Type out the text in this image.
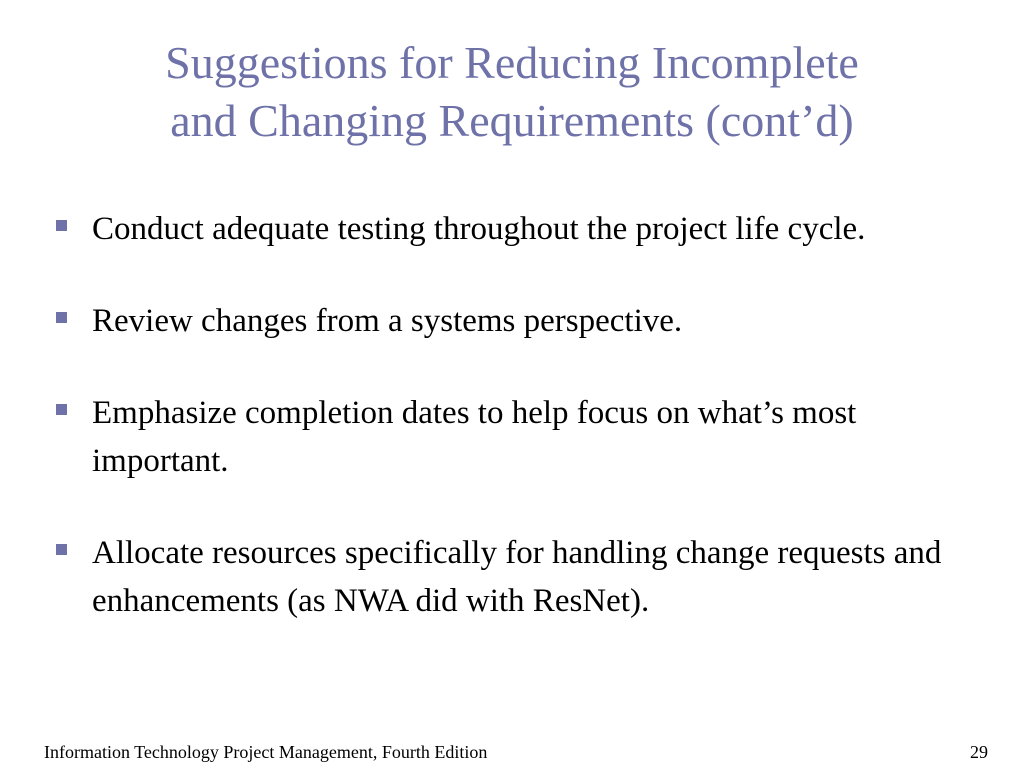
Suggestions for Reducing Incomplete
and Changing Requirements (cont’d)
Conduct adequate testing throughout the project life cycle.
Review changes from a systems perspective.
Emphasize completion dates to help focus on what’s most important.
Allocate resources specifically for handling change requests and enhancements (as NWA did with ResNet).
Information Technology Project Management, Fourth Edition	29
